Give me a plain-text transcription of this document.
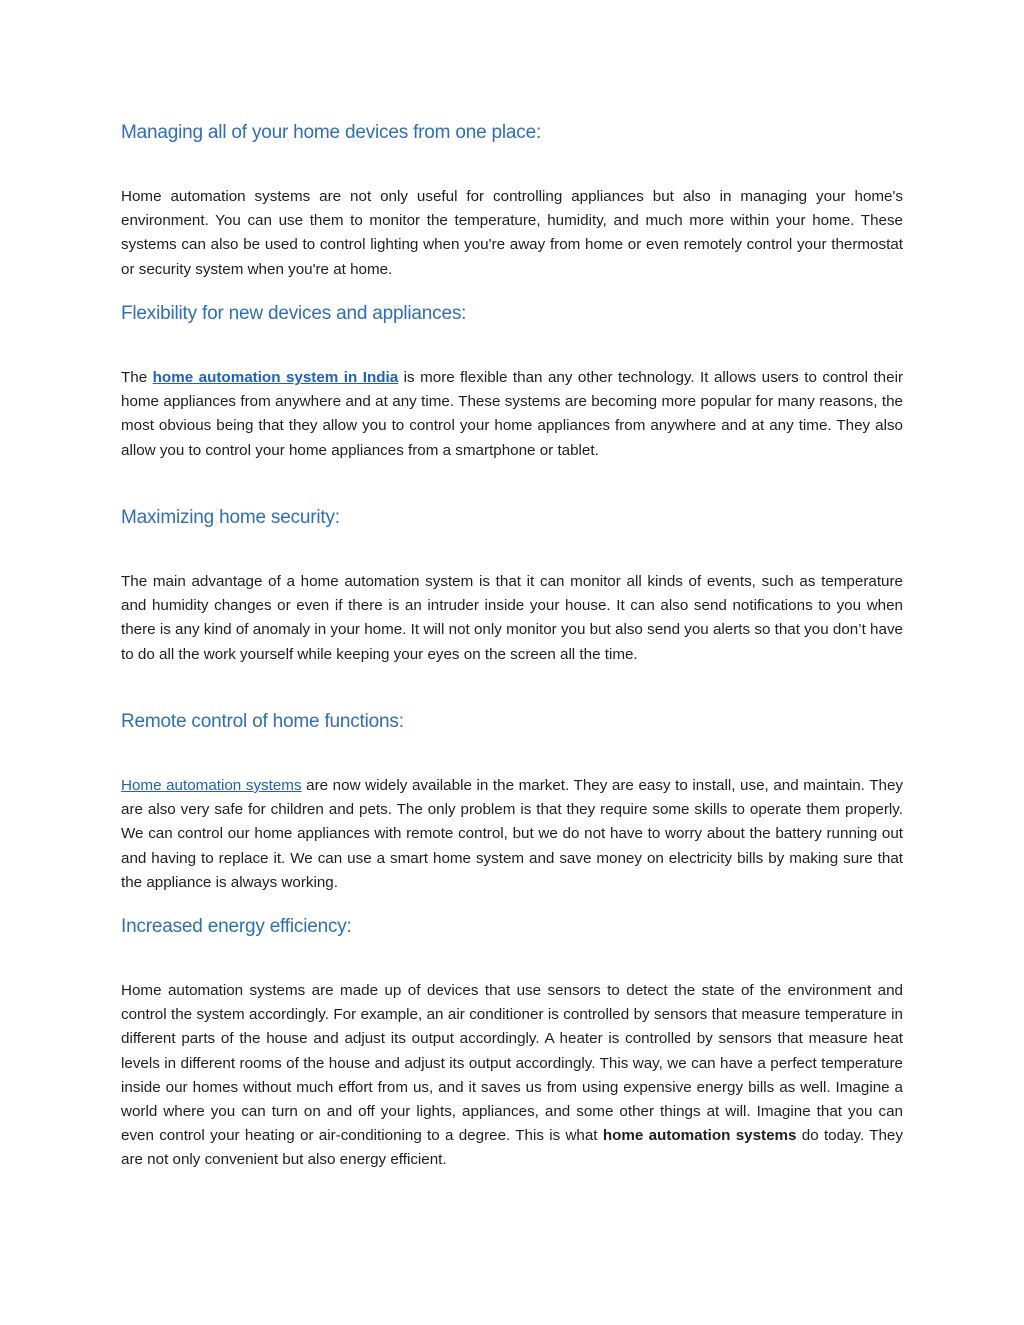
Managing all of your home devices from one place:

Home automation systems are not only useful for controlling appliances but also in managing your home's environment. You can use them to monitor the temperature, humidity, and much more within your home. These systems can also be used to control lighting when you're away from home or even remotely control your thermostat or security system when you're at home.

Flexibility for new devices and appliances:

The home automation system in India is more flexible than any other technology. It allows users to control their home appliances from anywhere and at any time. These systems are becoming more popular for many reasons, the most obvious being that they allow you to control your home appliances from anywhere and at any time. They also allow you to control your home appliances from a smartphone or tablet.

Maximizing home security:

The main advantage of a home automation system is that it can monitor all kinds of events, such as temperature and humidity changes or even if there is an intruder inside your house. It can also send notifications to you when there is any kind of anomaly in your home. It will not only monitor you but also send you alerts so that you don’t have to do all the work yourself while keeping your eyes on the screen all the time.

Remote control of home functions:

Home automation systems are now widely available in the market. They are easy to install, use, and maintain. They are also very safe for children and pets. The only problem is that they require some skills to operate them properly. We can control our home appliances with remote control, but we do not have to worry about the battery running out and having to replace it. We can use a smart home system and save money on electricity bills by making sure that the appliance is always working.

Increased energy efficiency:

Home automation systems are made up of devices that use sensors to detect the state of the environment and control the system accordingly. For example, an air conditioner is controlled by sensors that measure temperature in different parts of the house and adjust its output accordingly. A heater is controlled by sensors that measure heat levels in different rooms of the house and adjust its output accordingly. This way, we can have a perfect temperature inside our homes without much effort from us, and it saves us from using expensive energy bills as well. Imagine a world where you can turn on and off your lights, appliances, and some other things at will. Imagine that you can even control your heating or air-conditioning to a degree. This is what home automation systems do today. They are not only convenient but also energy efficient.
